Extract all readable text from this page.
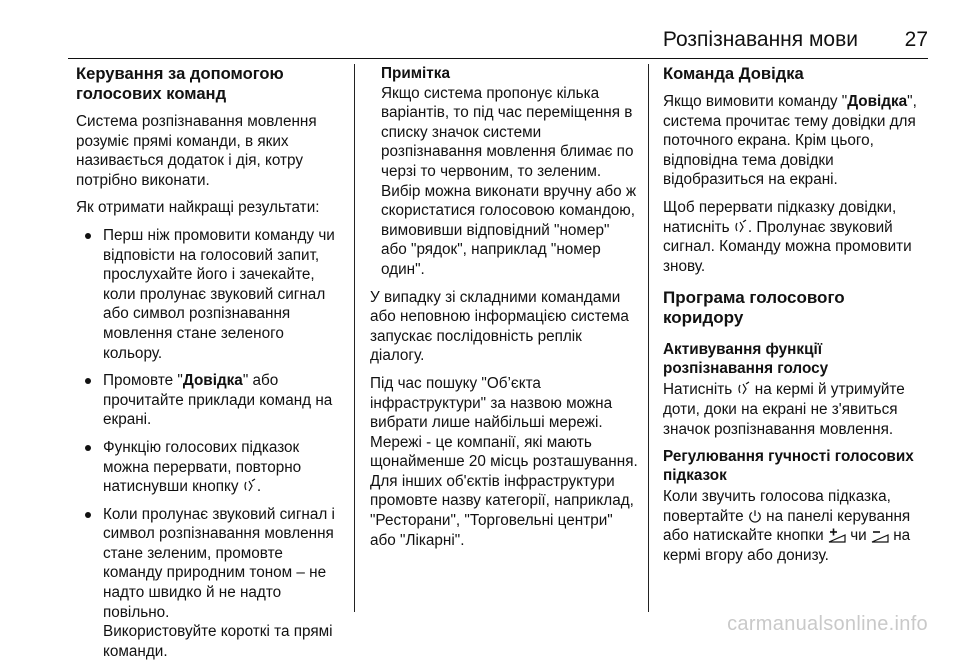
Розпізнавання мови 27
Керування за допомогою голосових команд

Система розпізнавання мовлення розуміє прямі команди, в яких називається додаток і дія, котру потрібно виконати.

Як отримати найкращі результати:

Перш ніж промовити команду чи відповісти на голосовий запит, прослухайте його і зачекайте, коли пролунає звуковий сигнал або символ розпізнавання мовлення стане зеленого кольору.
Промовте "Довідка" або прочитайте приклади команд на екрані.
Функцію голосових підказок можна перервати, повторно натиснувши кнопку .
Коли пролунає звуковий сигнал і символ розпізнавання мовлення стане зеленим, промовте команду природним тоном – не надто швидко й не надто повільно.
Використовуйте короткі та прямі команди.
Примітка
Якщо система пропонує кілька варіантів, то під час переміщення в списку значок системи розпізнавання мовлення блимає по черзі то червоним, то зеленим. Вибір можна виконати вручну або ж скористатися голосовою командою, вимовивши відповідний "номер" або "рядок", наприклад "номер один".

У випадку зі складними командами або неповною інформацією система запускає послідовність реплік діалогу.

Під час пошуку "Об’єкта інфраструктури" за назвою можна вибрати лише найбільші мережі. Мережі - це компанії, які мають щонайменше 20 місць розташування. Для інших об'єктів інфраструктури промовте назву категорії, наприклад, "Ресторани", "Торговельні центри" або "Лікарні".

Команда Довідка

Якщо вимовити команду "Довідка", система прочитає тему довідки для поточного екрана. Крім цього, відповідна тема довідки відобразиться на екрані.

Щоб перервати підказку довідки, натисніть . Пролунає звуковий сигнал. Команду можна промовити знову.

Програма голосового коридору
Активування функції розпізнавання голосу

Натисніть на кермі й утримуйте доти, доки на екрані не з'явиться значок розпізнавання мовлення.

Регулювання гучності голосових підказок

Коли звучить голосова підказка, повертайте на панелі керування або натискайте кнопки чи на кермі вгору або донизу.

carmanualsonline.info
